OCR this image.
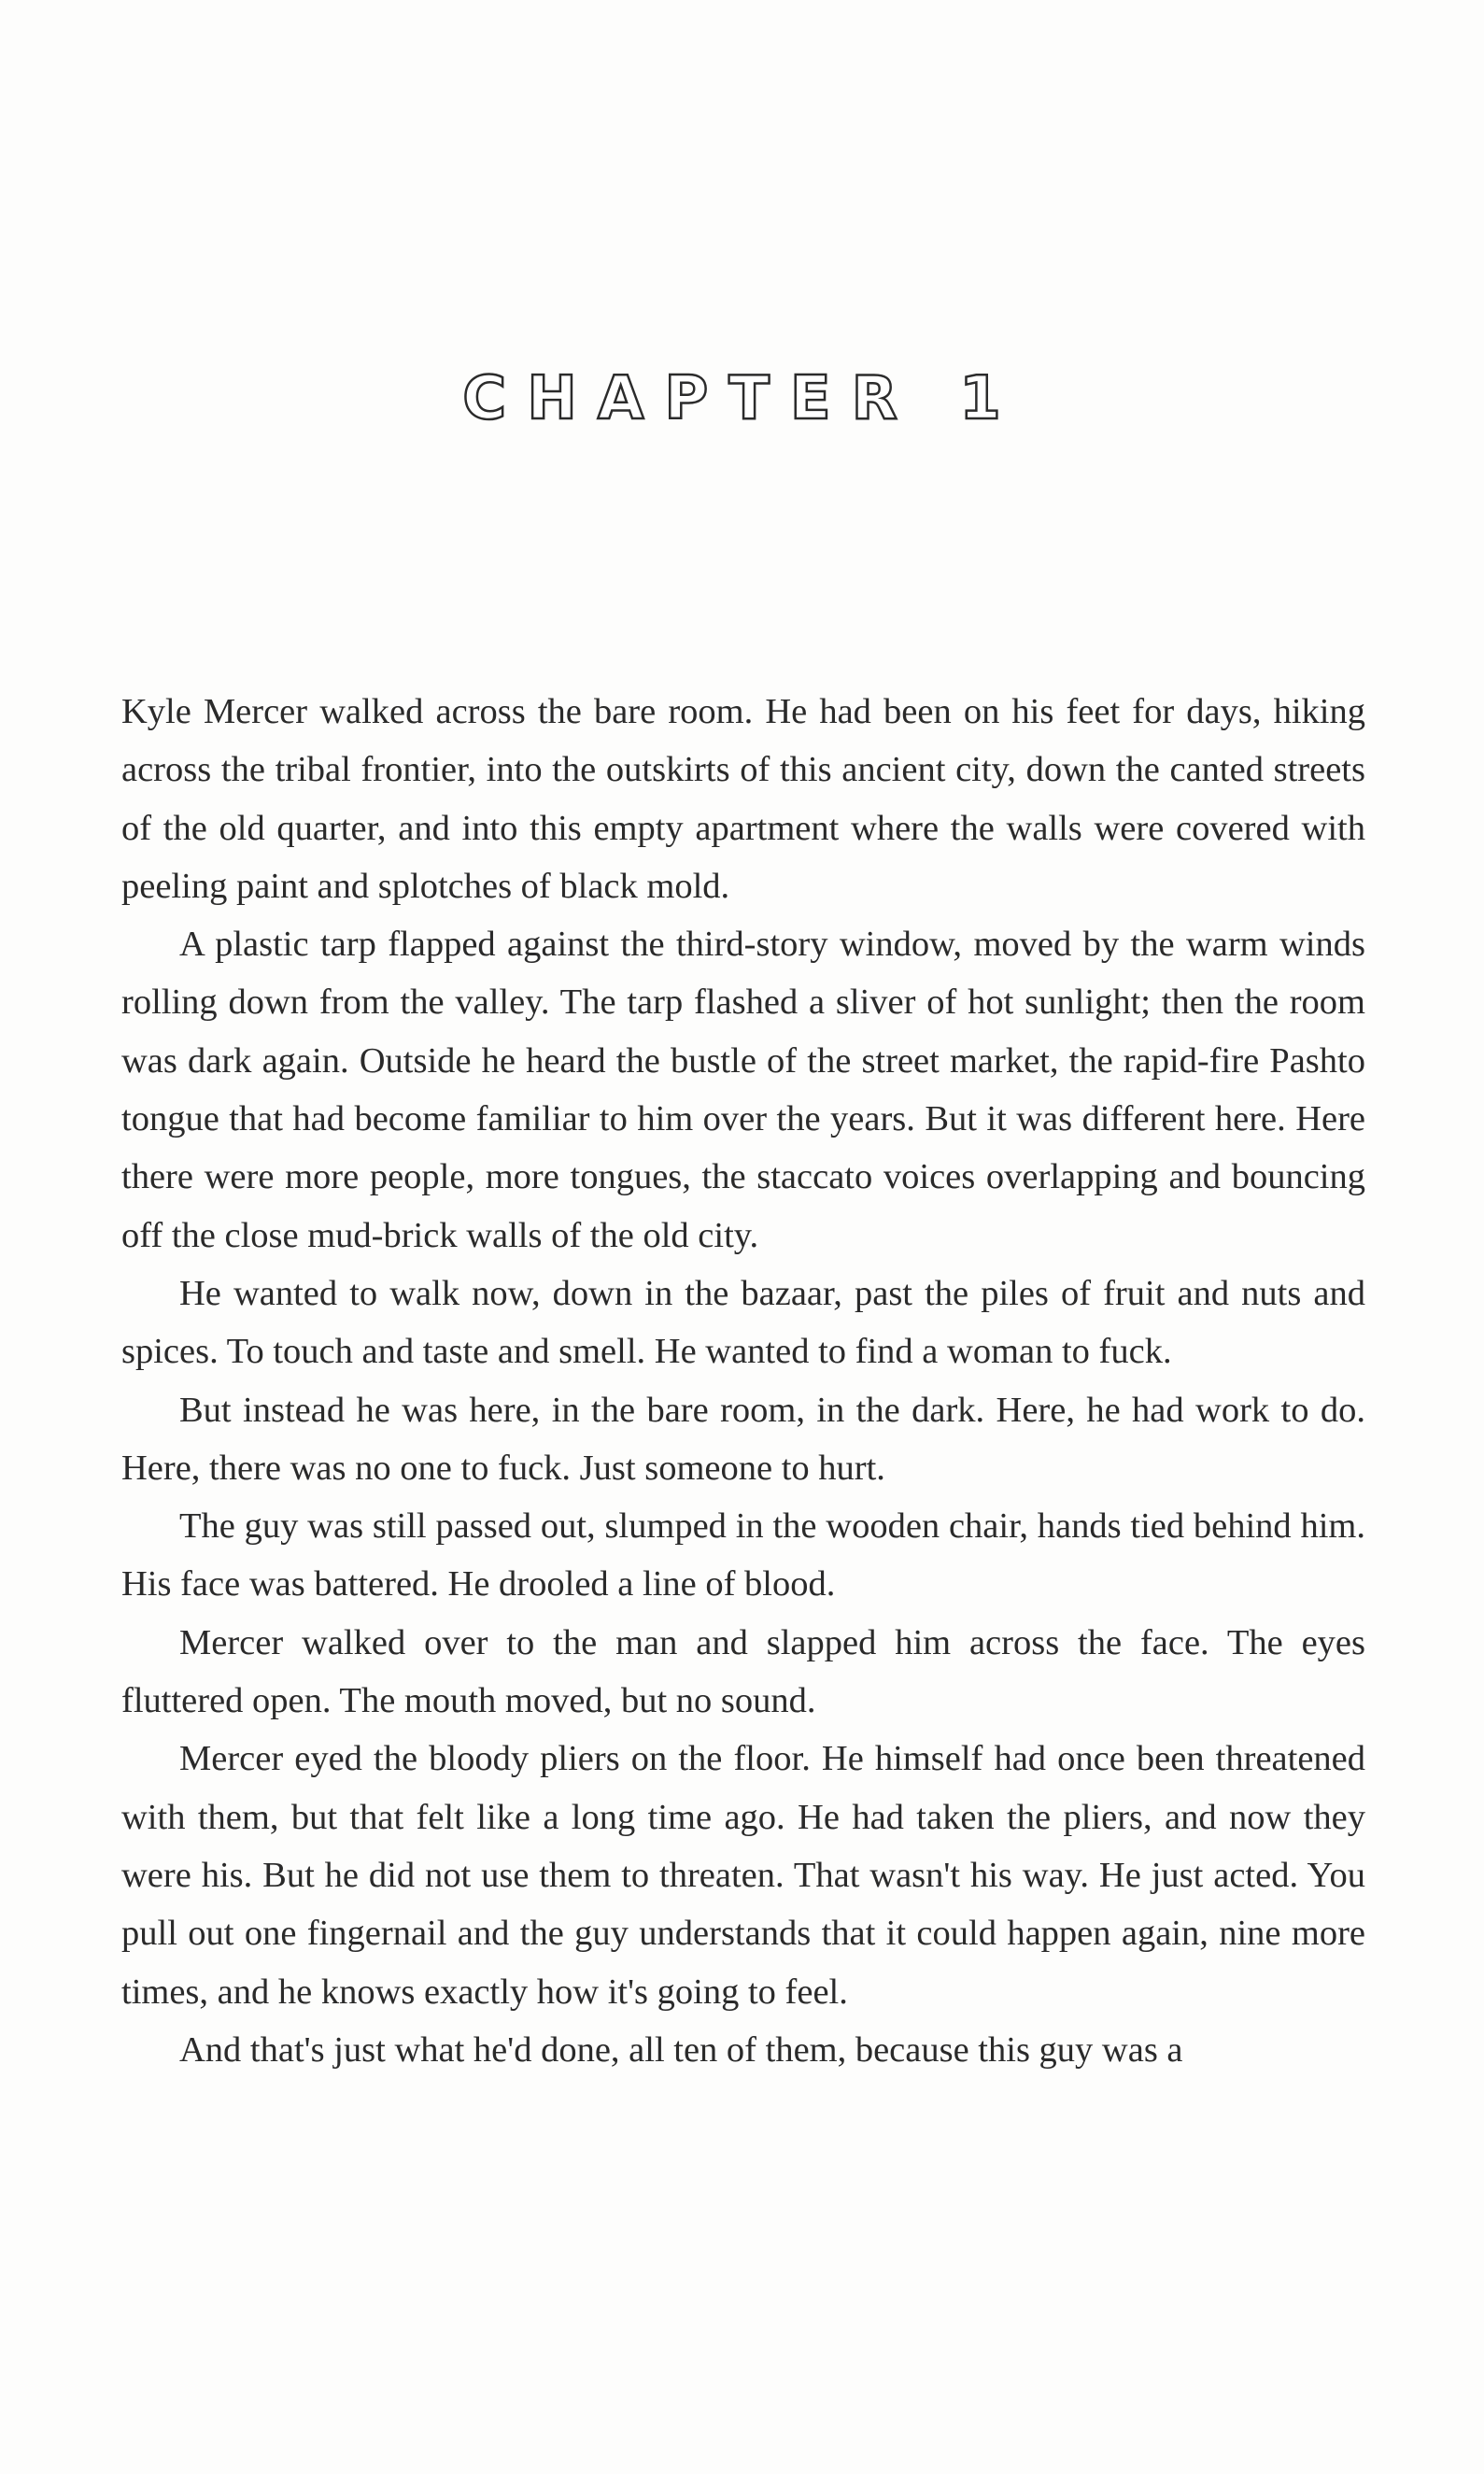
CHAPTER 1

Kyle Mercer walked across the bare room. He had been on his feet for days, hiking across the tribal frontier, into the outskirts of this ancient city, down the canted streets of the old quarter, and into this empty apartment where the walls were covered with peeling paint and splotches of black mold.

A plastic tarp flapped against the third-story window, moved by the warm winds rolling down from the valley. The tarp flashed a sliver of hot sunlight; then the room was dark again. Outside he heard the bustle of the street market, the rapid-fire Pashto tongue that had become familiar to him over the years. But it was different here. Here there were more people, more tongues, the staccato voices overlapping and bouncing off the close mud-brick walls of the old city.

He wanted to walk now, down in the bazaar, past the piles of fruit and nuts and spices. To touch and taste and smell. He wanted to find a woman to fuck.

But instead he was here, in the bare room, in the dark. Here, he had work to do. Here, there was no one to fuck. Just someone to hurt.

The guy was still passed out, slumped in the wooden chair, hands tied behind him. His face was battered. He drooled a line of blood.

Mercer walked over to the man and slapped him across the face. The eyes fluttered open. The mouth moved, but no sound.

Mercer eyed the bloody pliers on the floor. He himself had once been threatened with them, but that felt like a long time ago. He had taken the pliers, and now they were his. But he did not use them to threaten. That wasn't his way. He just acted. You pull out one fingernail and the guy understands that it could happen again, nine more times, and he knows exactly how it's going to feel.

And that's just what he'd done, all ten of them, because this guy was a
